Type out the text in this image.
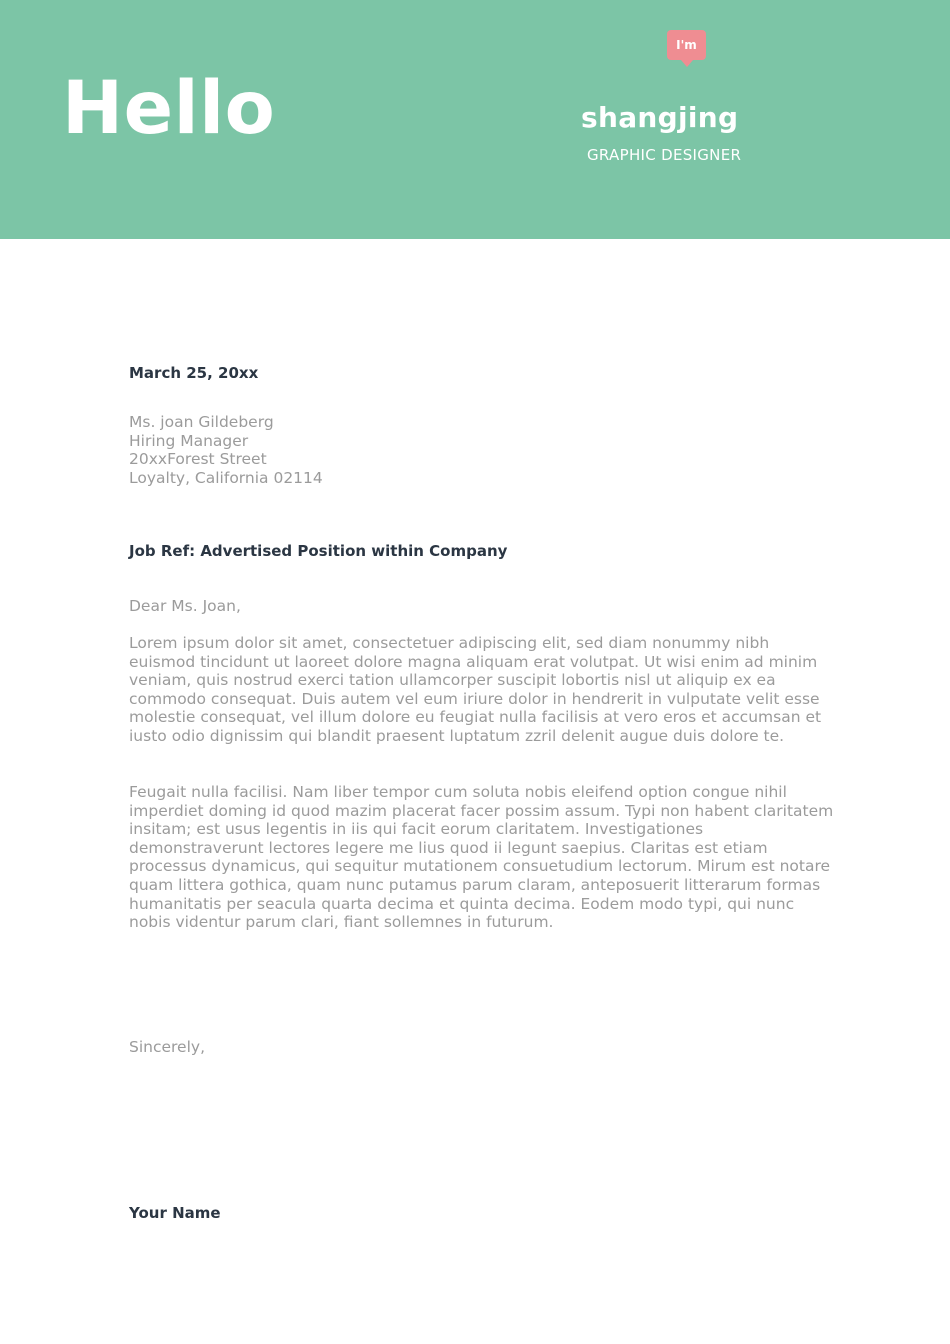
Hello
I'm
shangjing
GRAPHIC DESIGNER
March 25, 20xx
Ms. joan Gildeberg
Hiring Manager
20xxForest Street
Loyalty, California 02114
Job Ref: Advertised Position within Company
Dear Ms. Joan,
Lorem ipsum dolor sit amet, consectetuer adipiscing elit, sed diam nonummy nibh euismod tincidunt ut laoreet dolore magna aliquam erat volutpat. Ut wisi enim ad minim veniam, quis nostrud exerci tation ullamcorper suscipit lobortis nisl ut aliquip ex ea commodo consequat. Duis autem vel eum iriure dolor in hendrerit in vulputate velit esse molestie consequat, vel illum dolore eu feugiat nulla facilisis at vero eros et accumsan et iusto odio dignissim qui blandit praesent luptatum zzril delenit augue duis dolore te.
Feugait nulla facilisi. Nam liber tempor cum soluta nobis eleifend option congue nihil imperdiet doming id quod mazim placerat facer possim assum. Typi non habent claritatem insitam; est usus legentis in iis qui facit eorum claritatem. Investigationes demonstraverunt lectores legere me lius quod ii legunt saepius. Claritas est etiam processus dynamicus, qui sequitur mutationem consuetudium lectorum. Mirum est notare quam littera gothica, quam nunc putamus parum claram, anteposuerit litterarum formas humanitatis per seacula quarta decima et quinta decima. Eodem modo typi, qui nunc nobis videntur parum clari, fiant sollemnes in futurum.
Sincerely,
Your Name
